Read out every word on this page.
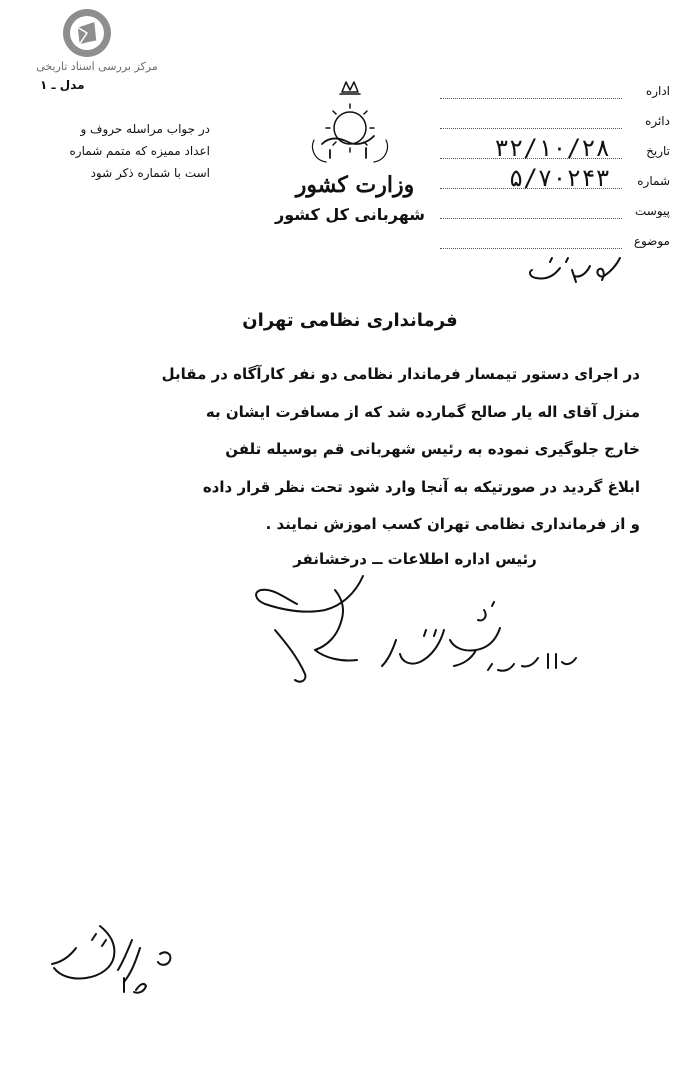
مرکز بررسی اسناد تاریخی
مدل ـ ۱
در جواب مراسله حروف و
اعداد ممیزه که متمم شماره
است با شماره ذکر شود	وزارت کشور
شهربانی کل کشور
اداره
دائره
تاریخ
۳۲/۱۰/۲۸
شماره
۵/۷۰۲۴۳
پیوست
موضوع
فرمانداری نظامی تهران
در اجرای دستور تیمسار فرماندار نظامی دو نفر کارآگاه در مقابل
منزل آقای اله یار صالح گمارده شد که از مسافرت ایشان به
خارج جلوگیری نموده به رئیس شهربانی قم بوسیله تلفن
ابلاغ گردید در صورتیکه به آنجا وارد شود تحت نظر قرار داده
و از فرمانداری نظامی تهران کسب اموزش نمایند .
رئیس اداره اطلاعات ــ درخشانفر
